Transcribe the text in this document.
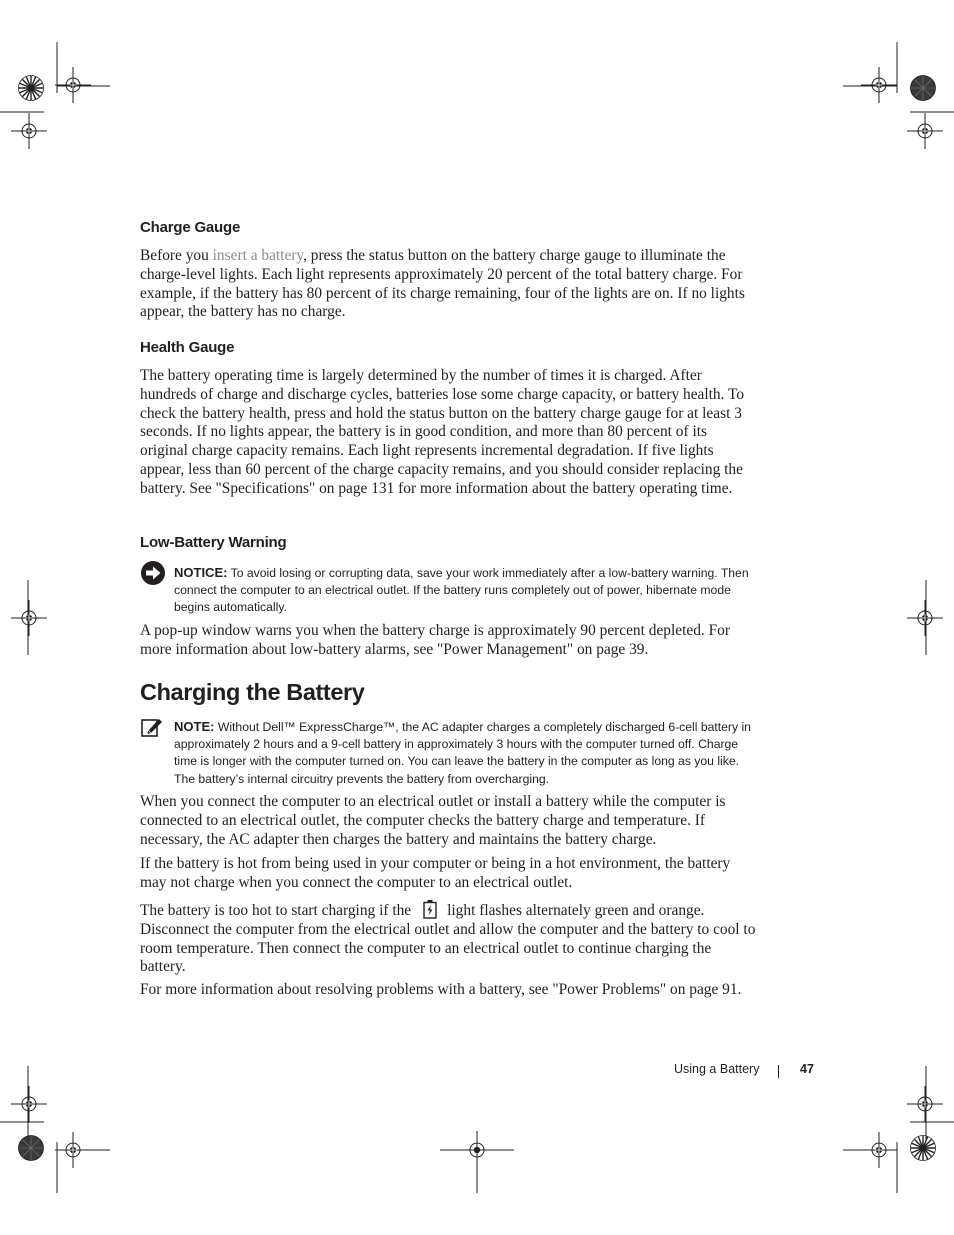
Charge Gauge

Before you insert a battery, press the status button on the battery charge gauge to illuminate the charge-level lights. Each light represents approximately 20 percent of the total battery charge. For example, if the battery has 80 percent of its charge remaining, four of the lights are on. If no lights appear, the battery has no charge.

Health Gauge

The battery operating time is largely determined by the number of times it is charged. After hundreds of charge and discharge cycles, batteries lose some charge capacity, or battery health. To check the battery health, press and hold the status button on the battery charge gauge for at least 3 seconds. If no lights appear, the battery is in good condition, and more than 80 percent of its original charge capacity remains. Each light represents incremental degradation. If five lights appear, less than 60 percent of the charge capacity remains, and you should consider replacing the battery. See "Specifications" on page 131 for more information about the battery operating time.

Low-Battery Warning

NOTICE: To avoid losing or corrupting data, save your work immediately after a low-battery warning. Then connect the computer to an electrical outlet. If the battery runs completely out of power, hibernate mode begins automatically.

A pop-up window warns you when the battery charge is approximately 90 percent depleted. For more information about low-battery alarms, see "Power Management" on page 39.

Charging the Battery

NOTE: Without Dell™ ExpressCharge™, the AC adapter charges a completely discharged 6-cell battery in approximately 2 hours and a 9-cell battery in approximately 3 hours with the computer turned off. Charge time is longer with the computer turned on. You can leave the battery in the computer as long as you like. The battery’s internal circuitry prevents the battery from overcharging.

When you connect the computer to an electrical outlet or install a battery while the computer is connected to an electrical outlet, the computer checks the battery charge and temperature. If necessary, the AC adapter then charges the battery and maintains the battery charge.

If the battery is hot from being used in your computer or being in a hot environment, the battery may not charge when you connect the computer to an electrical outlet.

The battery is too hot to start charging if the light flashes alternately green and orange. Disconnect the computer from the electrical outlet and allow the computer and the battery to cool to room temperature. Then connect the computer to an electrical outlet to continue charging the battery.

For more information about resolving problems with a battery, see "Power Problems" on page 91.

Using a Battery	47
